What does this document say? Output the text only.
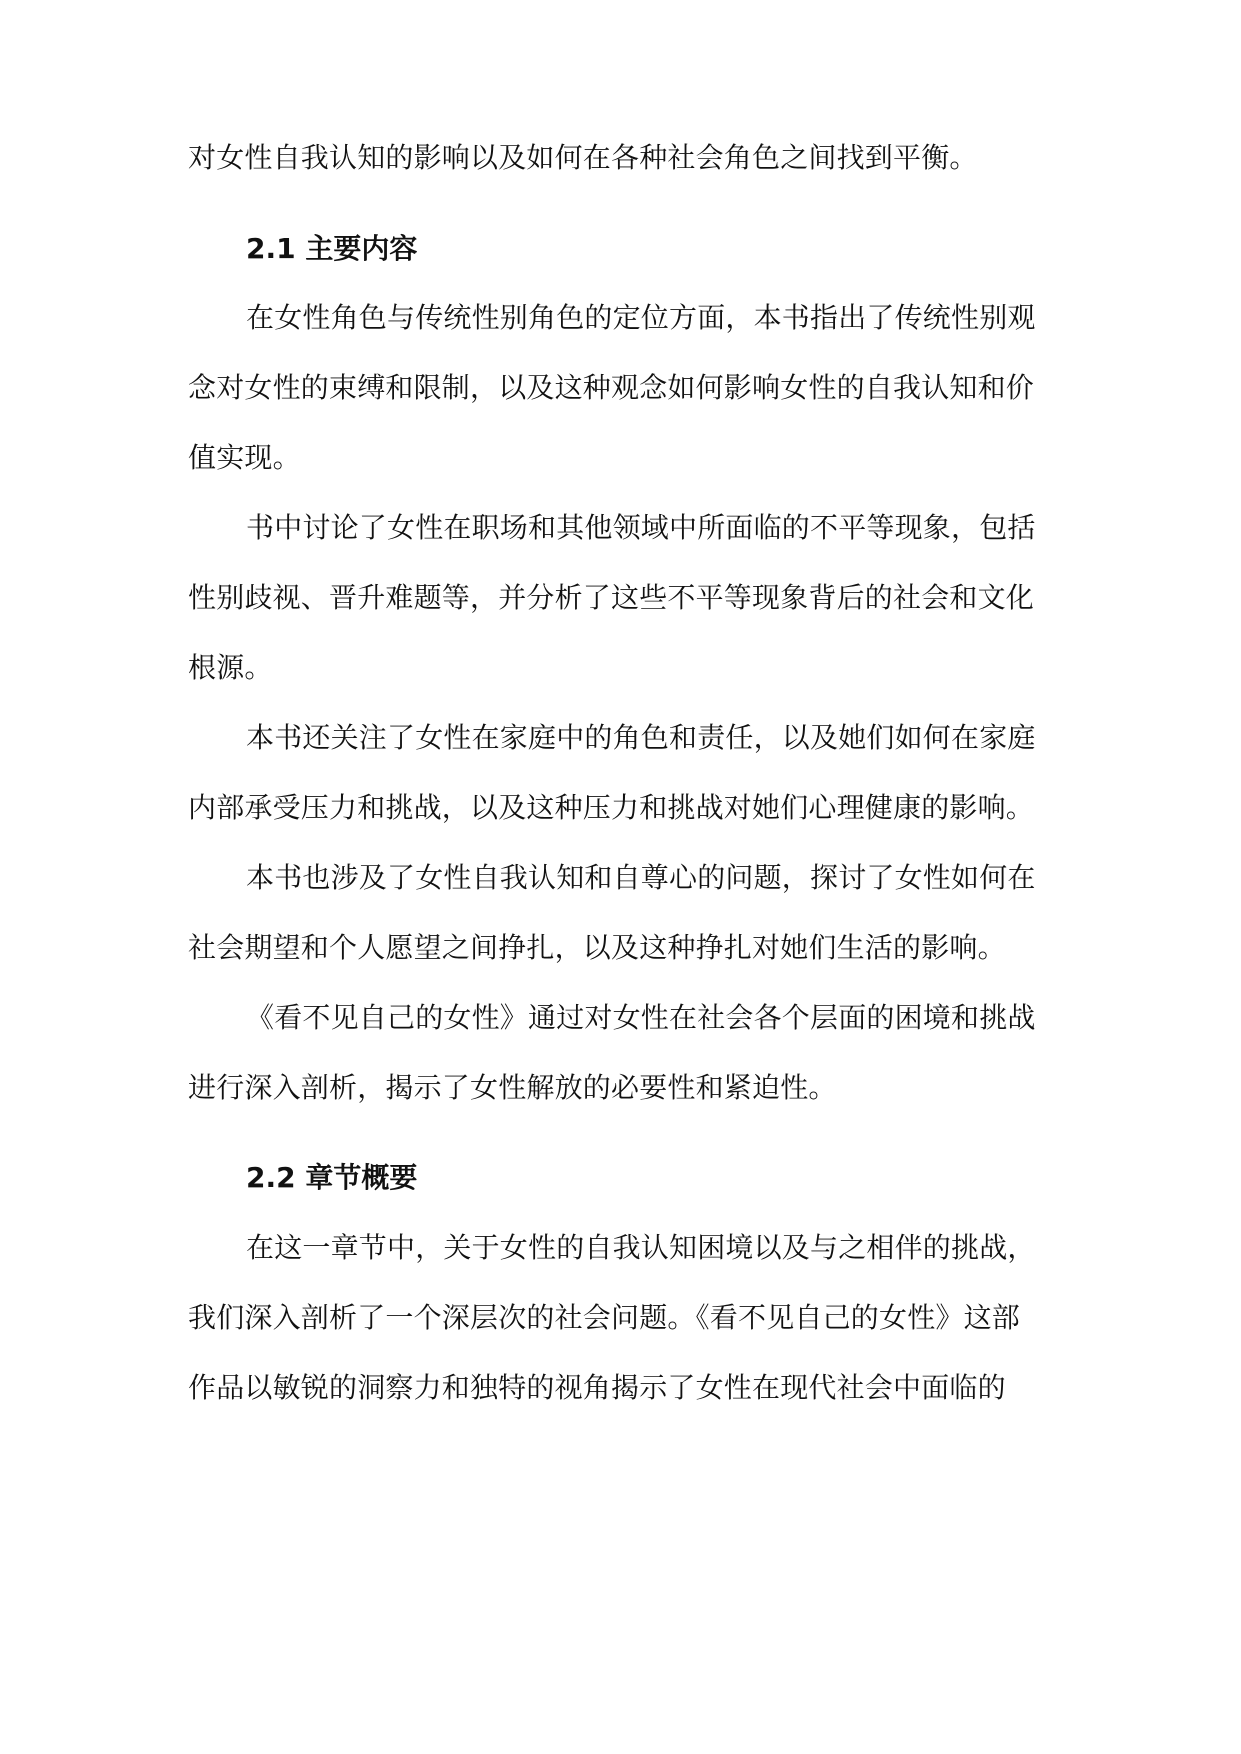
对女性自我认知的影响以及如何在各种社会角色之间找到平衡。
2.1 主要内容
在女性角色与传统性别角色的定位方面，本书指出了传统性别观
念对女性的束缚和限制，以及这种观念如何影响女性的自我认知和价
值实现。
书中讨论了女性在职场和其他领域中所面临的不平等现象，包括
性别歧视、晋升难题等，并分析了这些不平等现象背后的社会和文化
根源。
本书还关注了女性在家庭中的角色和责任，以及她们如何在家庭
内部承受压力和挑战，以及这种压力和挑战对她们心理健康的影响。
本书也涉及了女性自我认知和自尊心的问题，探讨了女性如何在
社会期望和个人愿望之间挣扎，以及这种挣扎对她们生活的影响。
《看不见自己的女性》通过对女性在社会各个层面的困境和挑战
进行深入剖析，揭示了女性解放的必要性和紧迫性。
2.2 章节概要
在这一章节中，关于女性的自我认知困境以及与之相伴的挑战，
我们深入剖析了一个深层次的社会问题。《看不见自己的女性》这部
作品以敏锐的洞察力和独特的视角揭示了女性在现代社会中面临的
